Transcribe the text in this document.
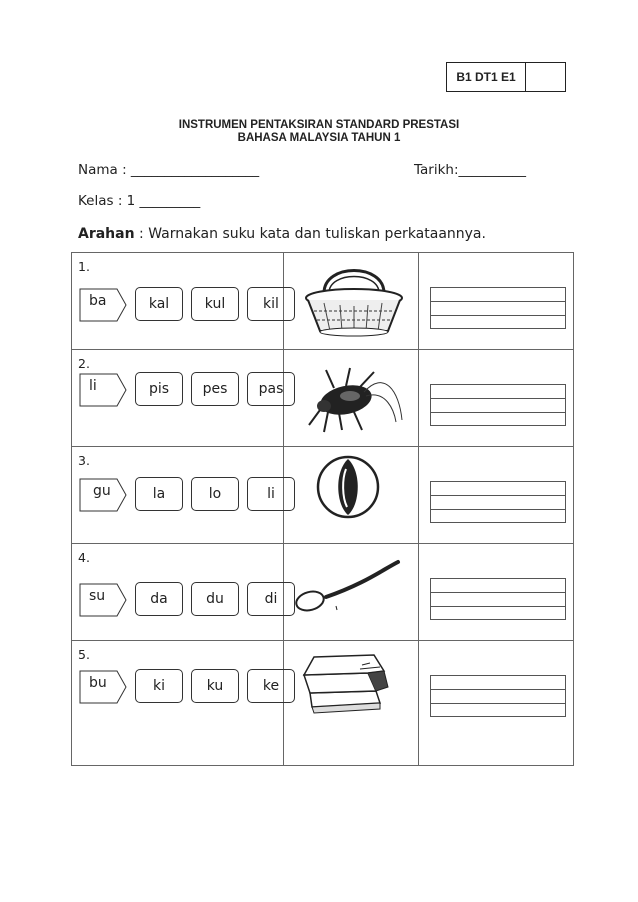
B1 DT1 E1
INSTRUMEN PENTAKSIRAN STANDARD PRESTASI
BAHASA MALAYSIA TAHUN 1
Nama : ___________________	Tarikh:__________
Kelas : 1 _________
Arahan : Warnakan suku kata dan tuliskan perkataannya.
1.
ba kal kul kil

2.
li pis pes pas

3.
gu la lo li

4.
su da du di

5.
bu ki ku ke
